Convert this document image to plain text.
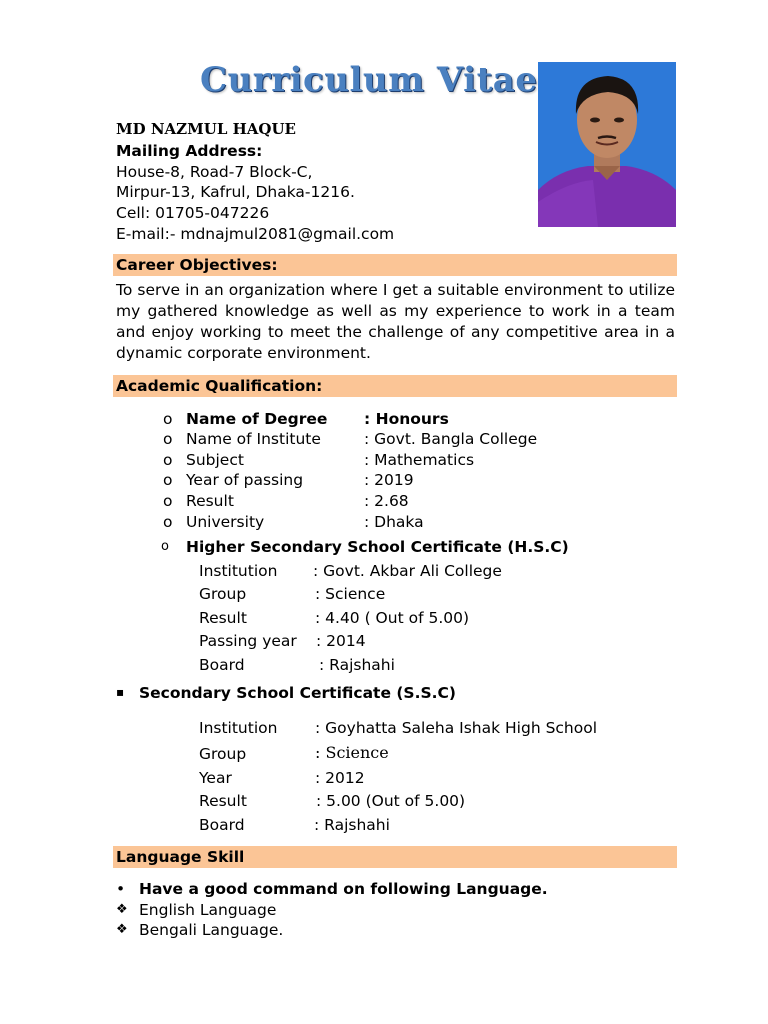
Curriculum Vitae
MD NAZMUL HAQUE
Mailing Address:
House-8, Road-7 Block-C,
Mirpur-13, Kafrul, Dhaka-1216.
Cell: 01705-047226
E-mail:- mdnajmul2081@gmail.com
Career Objectives:
To serve in an organization where I get a suitable environment to utilize my gathered knowledge as well as my experience to work in a team and enjoy working to meet the challenge of any competitive area in a dynamic corporate environment.
Academic Qualification:
Name of Degree : Honours
Name of Institute	: Govt. Bangla College
Subject	: Mathematics
Year of passing	: 2019
Result	: 2.68
University	: Dhaka
o
o
o
o
o
o
o Higher Secondary School Certificate (H.S.C)
Institution : Govt. Akbar Ali College
Group	: Science
Result	: 4.40 ( Out of 5.00)
Passing year : 2014
Board	: Rajshahi
▪ Secondary School Certificate (S.S.C)
Institution : Goyhatta Saleha Ishak High School
Group	: Science
Year	: 2012
Result	: 5.00 (Out of 5.00)
Board	: Rajshahi
Language Skill
• Have a good command on following Language.
❖ English Language
❖ Bengali Language.
